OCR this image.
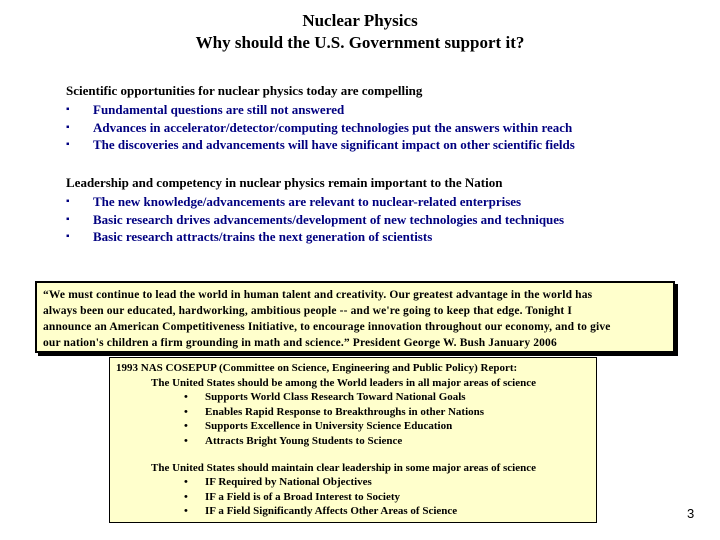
Nuclear Physics
Why should the U.S. Government support it?
Scientific opportunities for nuclear physics today are compelling
▪ Fundamental questions are still not answered
▪ Advances in accelerator/detector/computing technologies put the answers within reach
▪ The discoveries and advancements will have significant impact on other scientific fields
Leadership and competency in nuclear physics remain important to the Nation
▪ The new knowledge/advancements are relevant to nuclear-related enterprises
▪ Basic research drives advancements/development of new technologies and techniques
▪ Basic research attracts/trains the next generation of scientists
“We must continue to lead the world in human talent and creativity. Our greatest advantage in the world has
always been our educated, hardworking, ambitious people -- and we're going to keep that edge. Tonight I
announce an American Competitiveness Initiative, to encourage innovation throughout our economy, and to give
our nation's children a firm grounding in math and science.” President George W. Bush January 2006
1993 NAS COSEPUP (Committee on Science, Engineering and Public Policy) Report:
The United States should be among the World leaders in all major areas of science
• Supports World Class Research Toward National Goals
• Enables Rapid Response to Breakthroughs in other Nations
• Supports Excellence in University Science Education
• Attracts Bright Young Students to Science
The United States should maintain clear leadership in some major areas of science
• IF Required by National Objectives
• IF a Field is of a Broad Interest to Society
• IF a Field Significantly Affects Other Areas of Science	3
